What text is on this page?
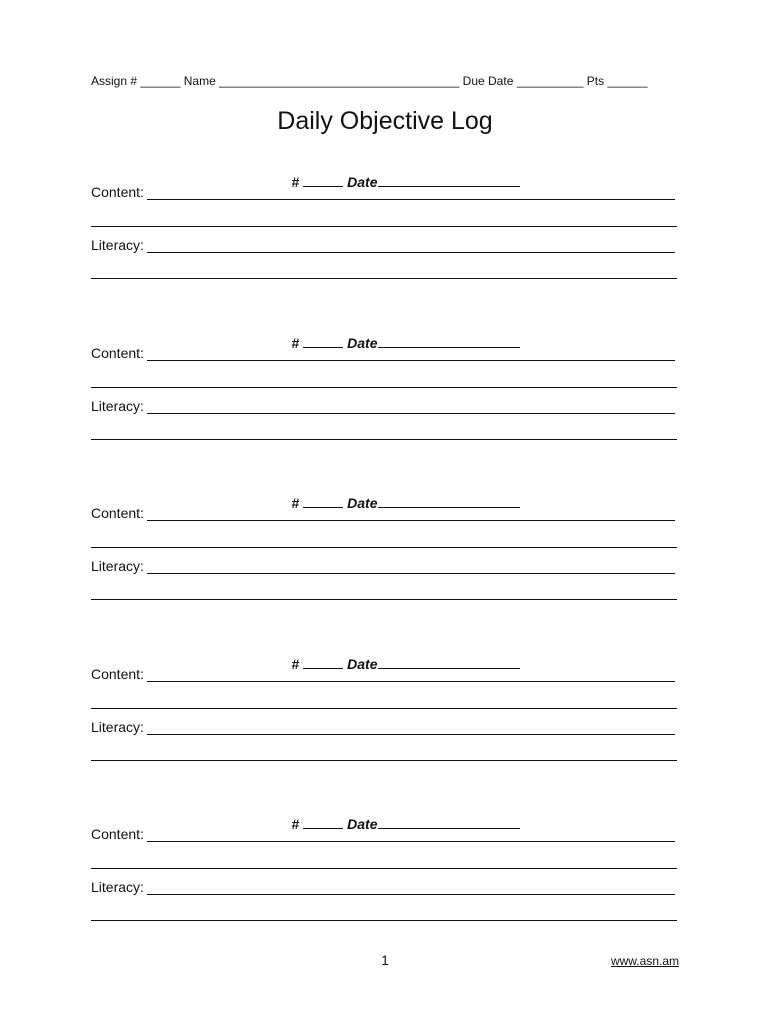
Assign # ______ Name ____________________________________ Due Date __________ Pts ______
Daily Objective Log

#	Date

Content:
Literacy:

#	Date

Content:
Literacy:

#	Date

Content:
Literacy:

#	Date

Content:
Literacy:

#	Date

Content:
Literacy:
1	www.asn.am
